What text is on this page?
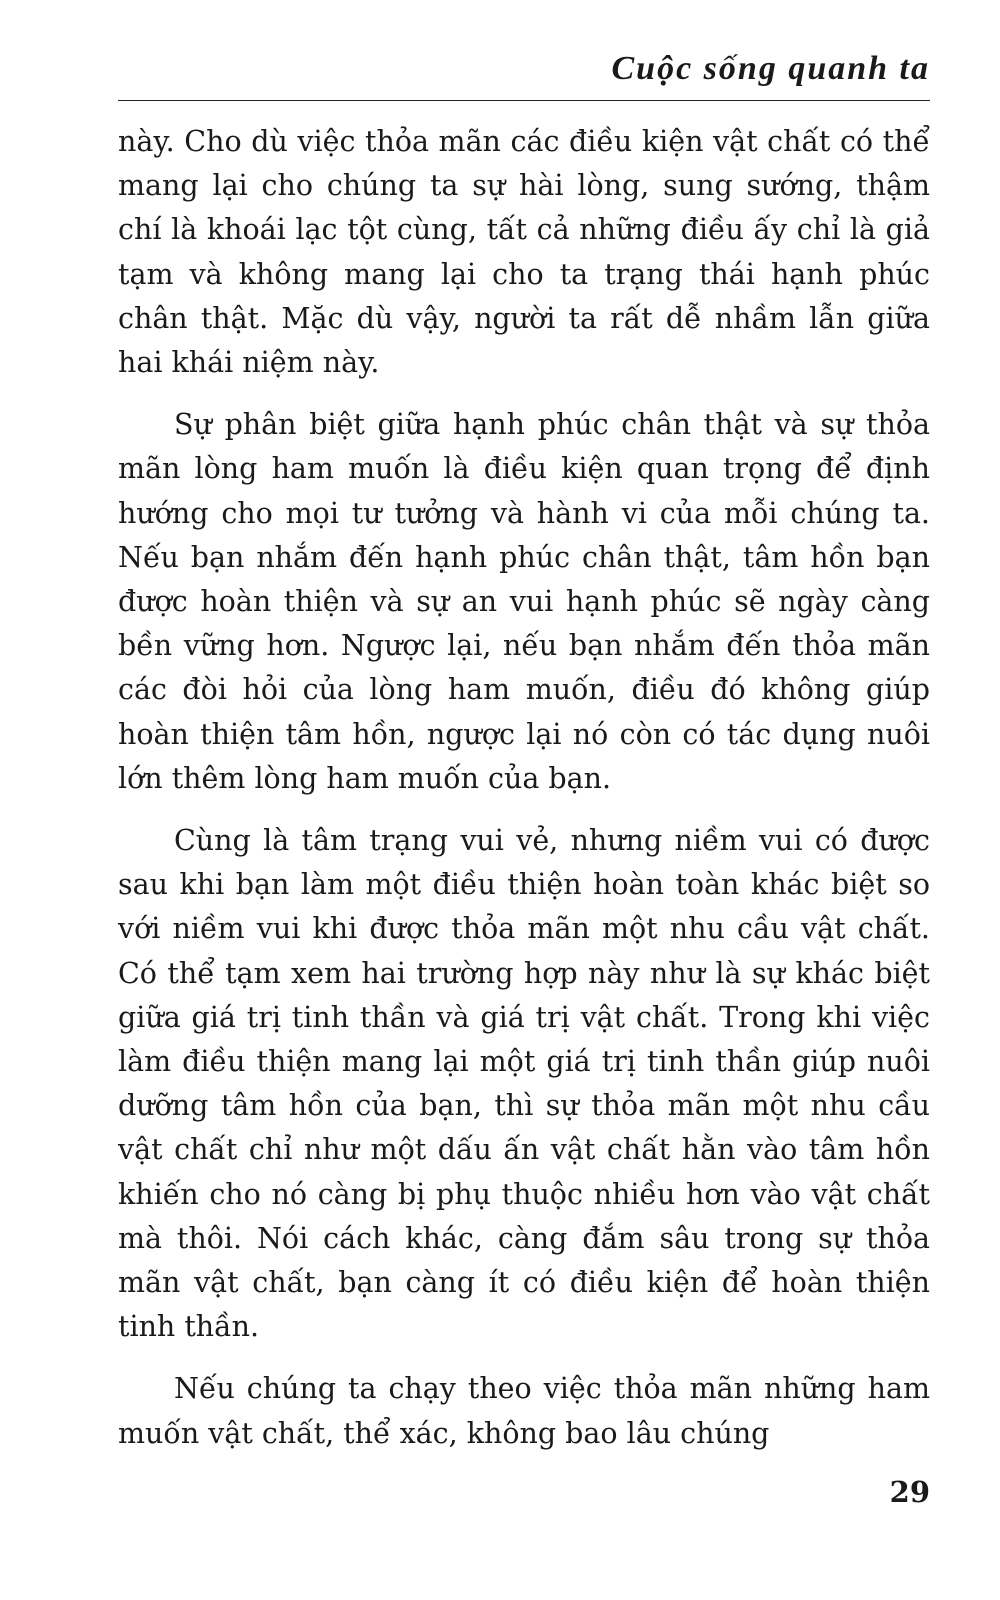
Cuộc sống quanh ta

này. Cho dù việc thỏa mãn các điều kiện vật chất có thể mang lại cho chúng ta sự hài lòng, sung sướng, thậm chí là khoái lạc tột cùng, tất cả những điều ấy chỉ là giả tạm và không mang lại cho ta trạng thái hạnh phúc chân thật. Mặc dù vậy, người ta rất dễ nhầm lẫn giữa hai khái niệm này.

Sự phân biệt giữa hạnh phúc chân thật và sự thỏa mãn lòng ham muốn là điều kiện quan trọng để định hướng cho mọi tư tưởng và hành vi của mỗi chúng ta. Nếu bạn nhắm đến hạnh phúc chân thật, tâm hồn bạn được hoàn thiện và sự an vui hạnh phúc sẽ ngày càng bền vững hơn. Ngược lại, nếu bạn nhắm đến thỏa mãn các đòi hỏi của lòng ham muốn, điều đó không giúp hoàn thiện tâm hồn, ngược lại nó còn có tác dụng nuôi lớn thêm lòng ham muốn của bạn.

Cùng là tâm trạng vui vẻ, nhưng niềm vui có được sau khi bạn làm một điều thiện hoàn toàn khác biệt so với niềm vui khi được thỏa mãn một nhu cầu vật chất. Có thể tạm xem hai trường hợp này như là sự khác biệt giữa giá trị tinh thần và giá trị vật chất. Trong khi việc làm điều thiện mang lại một giá trị tinh thần giúp nuôi dưỡng tâm hồn của bạn, thì sự thỏa mãn một nhu cầu vật chất chỉ như một dấu ấn vật chất hằn vào tâm hồn khiến cho nó càng bị phụ thuộc nhiều hơn vào vật chất mà thôi. Nói cách khác, càng đắm sâu trong sự thỏa mãn vật chất, bạn càng ít có điều kiện để hoàn thiện tinh thần.

Nếu chúng ta chạy theo việc thỏa mãn những ham muốn vật chất, thể xác, không bao lâu chúng

29
